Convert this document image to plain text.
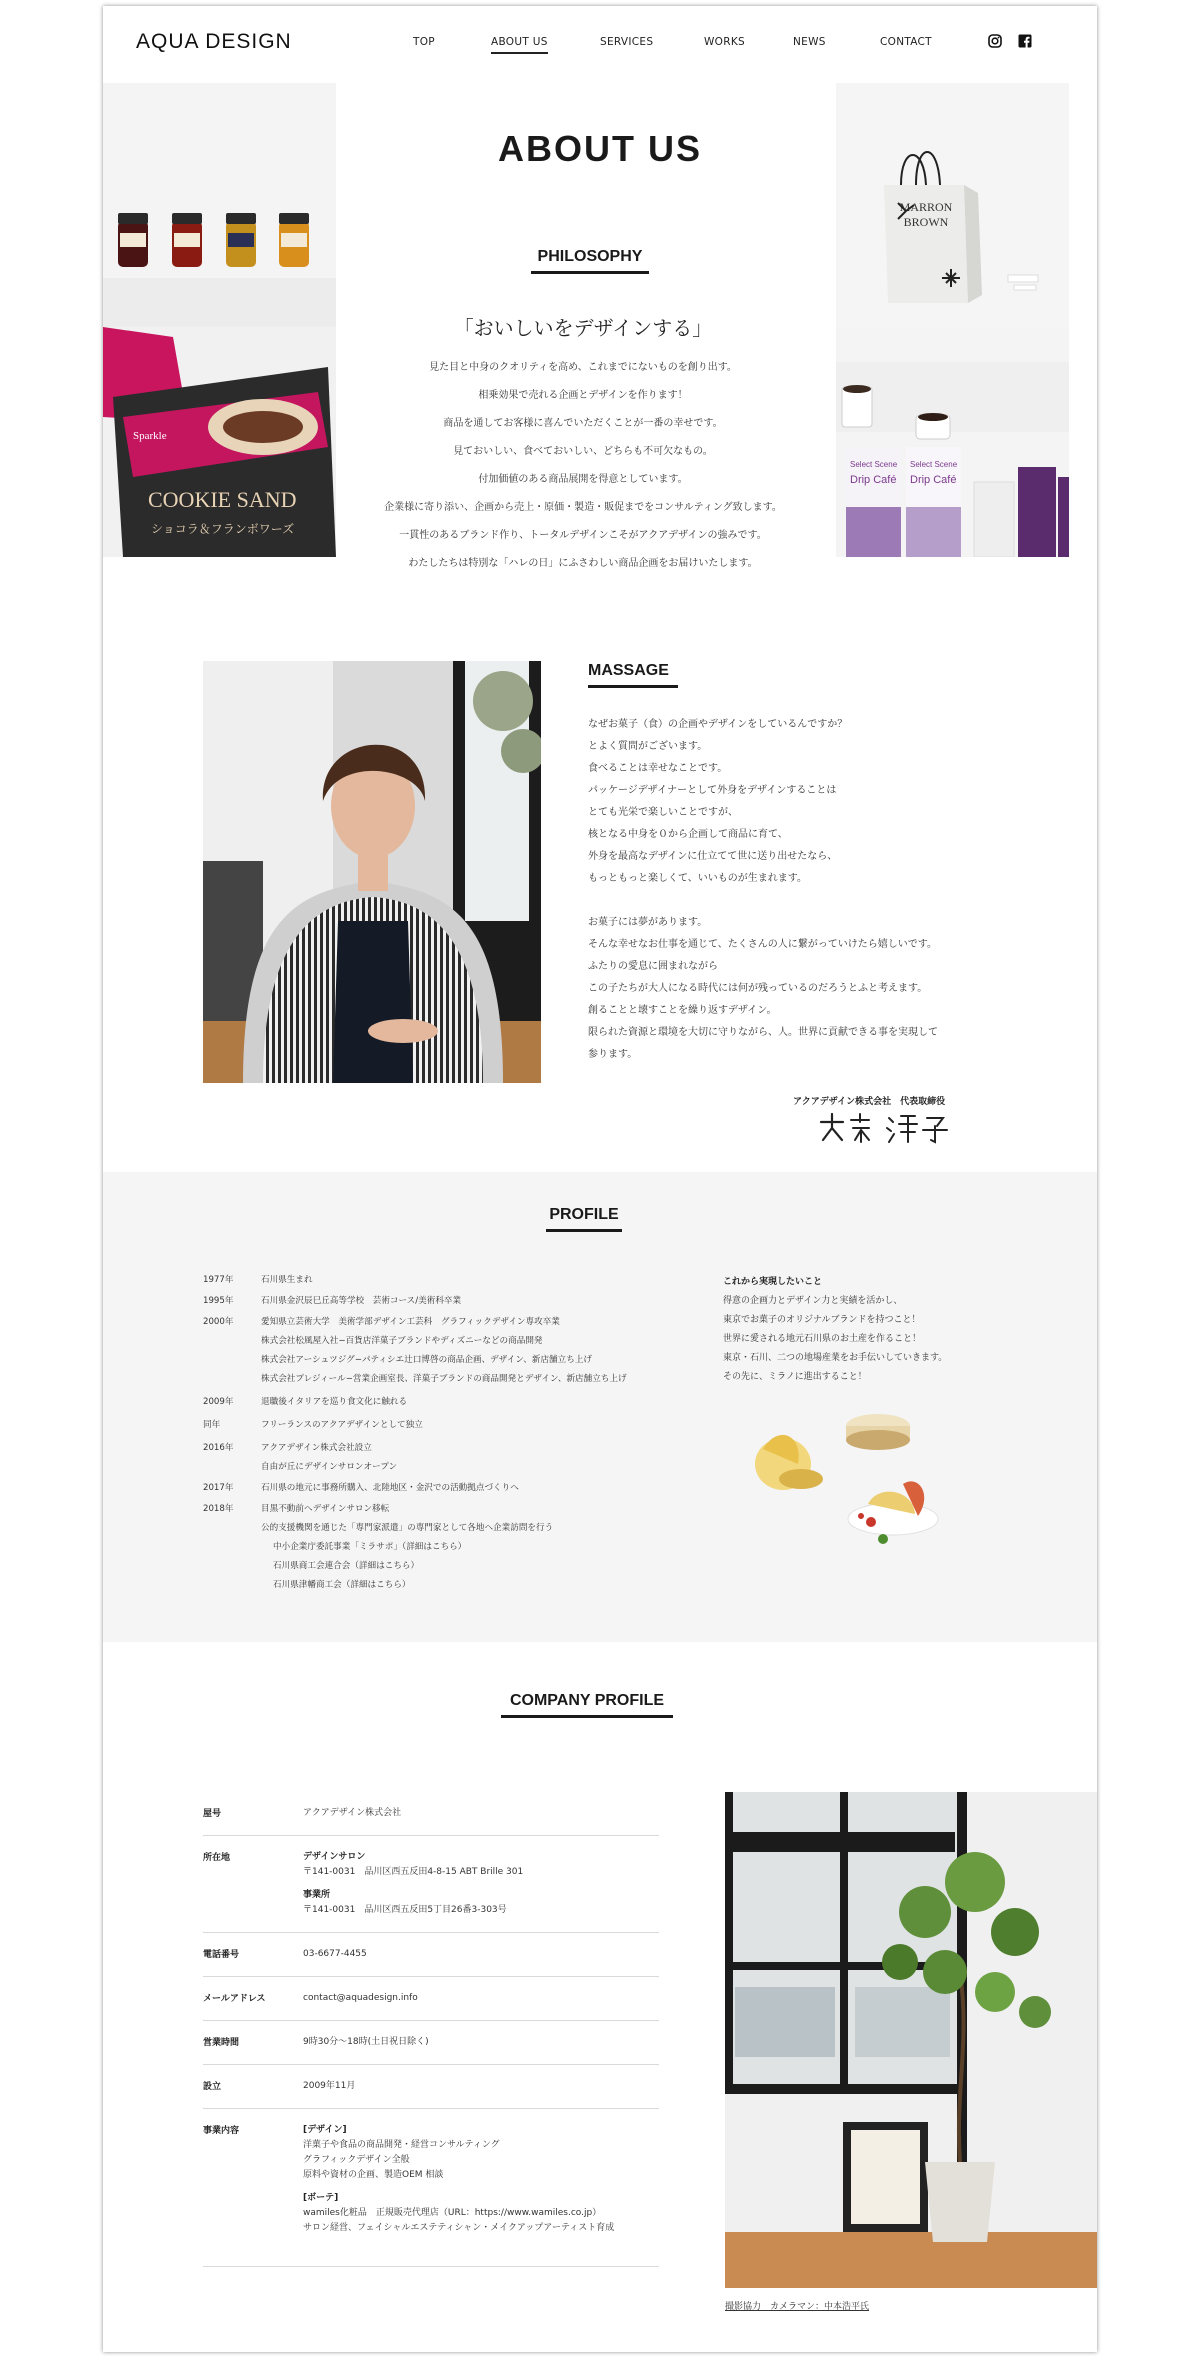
AQUA DESIGN	TOP	ABOUT US	SERVICES	WORKS	NEWS	CONTACT
COOKIE SAND
ショコラ＆フランボワーズ
Sparkle
MARRON
BROWN
Select Scene
Drip Café
Select Scene
Drip Café
ABOUT US
PHILOSOPHY
「おいしいをデザインする」
見た目と中身のクオリティを高め、これまでにないものを創り出す。
相乗効果で売れる企画とデザインを作ります！
商品を通してお客様に喜んでいただくことが一番の幸せです。
見ておいしい、食べておいしい、どちらも不可欠なもの。
付加価値のある商品展開を得意としています。
企業様に寄り添い、企画から売上・原価・製造・販促までをコンサルティング致します。
一貫性のあるブランド作り、トータルデザインこそがアクアデザインの強みです。
わたしたちは特別な「ハレの日」にふさわしい商品企画をお届けいたします。
MASSAGE
なぜお菓子（食）の企画やデザインをしているんですか？
とよく質問がございます。
食べることは幸せなことです。
パッケージデザイナーとして外身をデザインすることは
とても光栄で楽しいことですが、
核となる中身を０から企画して商品に育て、
外身を最高なデザインに仕立てて世に送り出せたなら、
もっともっと楽しくて、いいものが生まれます。
お菓子には夢があります。
そんな幸せなお仕事を通じて、たくさんの人に繋がっていけたら嬉しいです。
ふたりの愛息に囲まれながら
この子たちが大人になる時代には何が残っているのだろうとふと考えます。
創ることと壊すことを繰り返すデザイン。
限られた資源と環境を大切に守りながら、人。世界に貢献できる事を実現して
参ります。
アクアデザイン株式会社　代表取締役
PROFILE
1977年	石川県生まれ
1995年	石川県金沢辰巳丘高等学校　芸術コース/美術科卒業
2000年	愛知県立芸術大学　美術学部デザイン工芸科　グラフィックデザイン専攻卒業
株式会社松風屋入社−百貨店洋菓子ブランドやディズニーなどの商品開発
株式会社アーシュツジグ−パティシエ辻口博啓の商品企画、デザイン、新店舗立ち上げ
株式会社プレジィール−営業企画室長、洋菓子ブランドの商品開発とデザイン、新店舗立ち上げ
2009年	退職後イタリアを巡り食文化に触れる
同年	フリーランスのアクアデザインとして独立
2016年	アクアデザイン株式会社設立
自由が丘にデザインサロンオープン
2017年	石川県の地元に事務所購入、北陸地区・金沢での活動拠点づくりへ
2018年	目黒不動前へデザインサロン移転
公的支援機関を通じた「専門家派遣」の専門家として各地へ企業訪問を行う
中小企業庁委託事業「ミラサポ」（詳細はこちら）
石川県商工会連合会（詳細はこちら）
石川県津幡商工会（詳細はこちら）
これから実現したいこと
得意の企画力とデザイン力と実績を活かし、
東京でお菓子のオリジナルブランドを持つこと！
世界に愛される地元石川県のお土産を作ること！
東京・石川、二つの地場産業をお手伝いしていきます。
その先に、ミラノに進出すること！
COMPANY PROFILE
屋号	アクアデザイン株式会社
所在地	デザインサロン
〒141-0031　品川区西五反田4-8-15 ABT Brille 301
事業所
〒141-0031　品川区西五反田5丁目26番3-303号
電話番号	03-6677-4455
メールアドレス	contact@aquadesign.info
営業時間	9時30分〜18時(土日祝日除く)
設立	2009年11月
事業内容	[デザイン]
洋菓子や食品の商品開発・経営コンサルティング
グラフィックデザイン全般
原料や資材の企画、製造OEM 相談
[ボーテ]
wamiles化粧品　正規販売代理店（URL：https://www.wamiles.co.jp）
サロン経営、フェイシャルエステティシャン・メイクアップアーティスト育成
撮影協力　カメラマン：中本浩平氏
